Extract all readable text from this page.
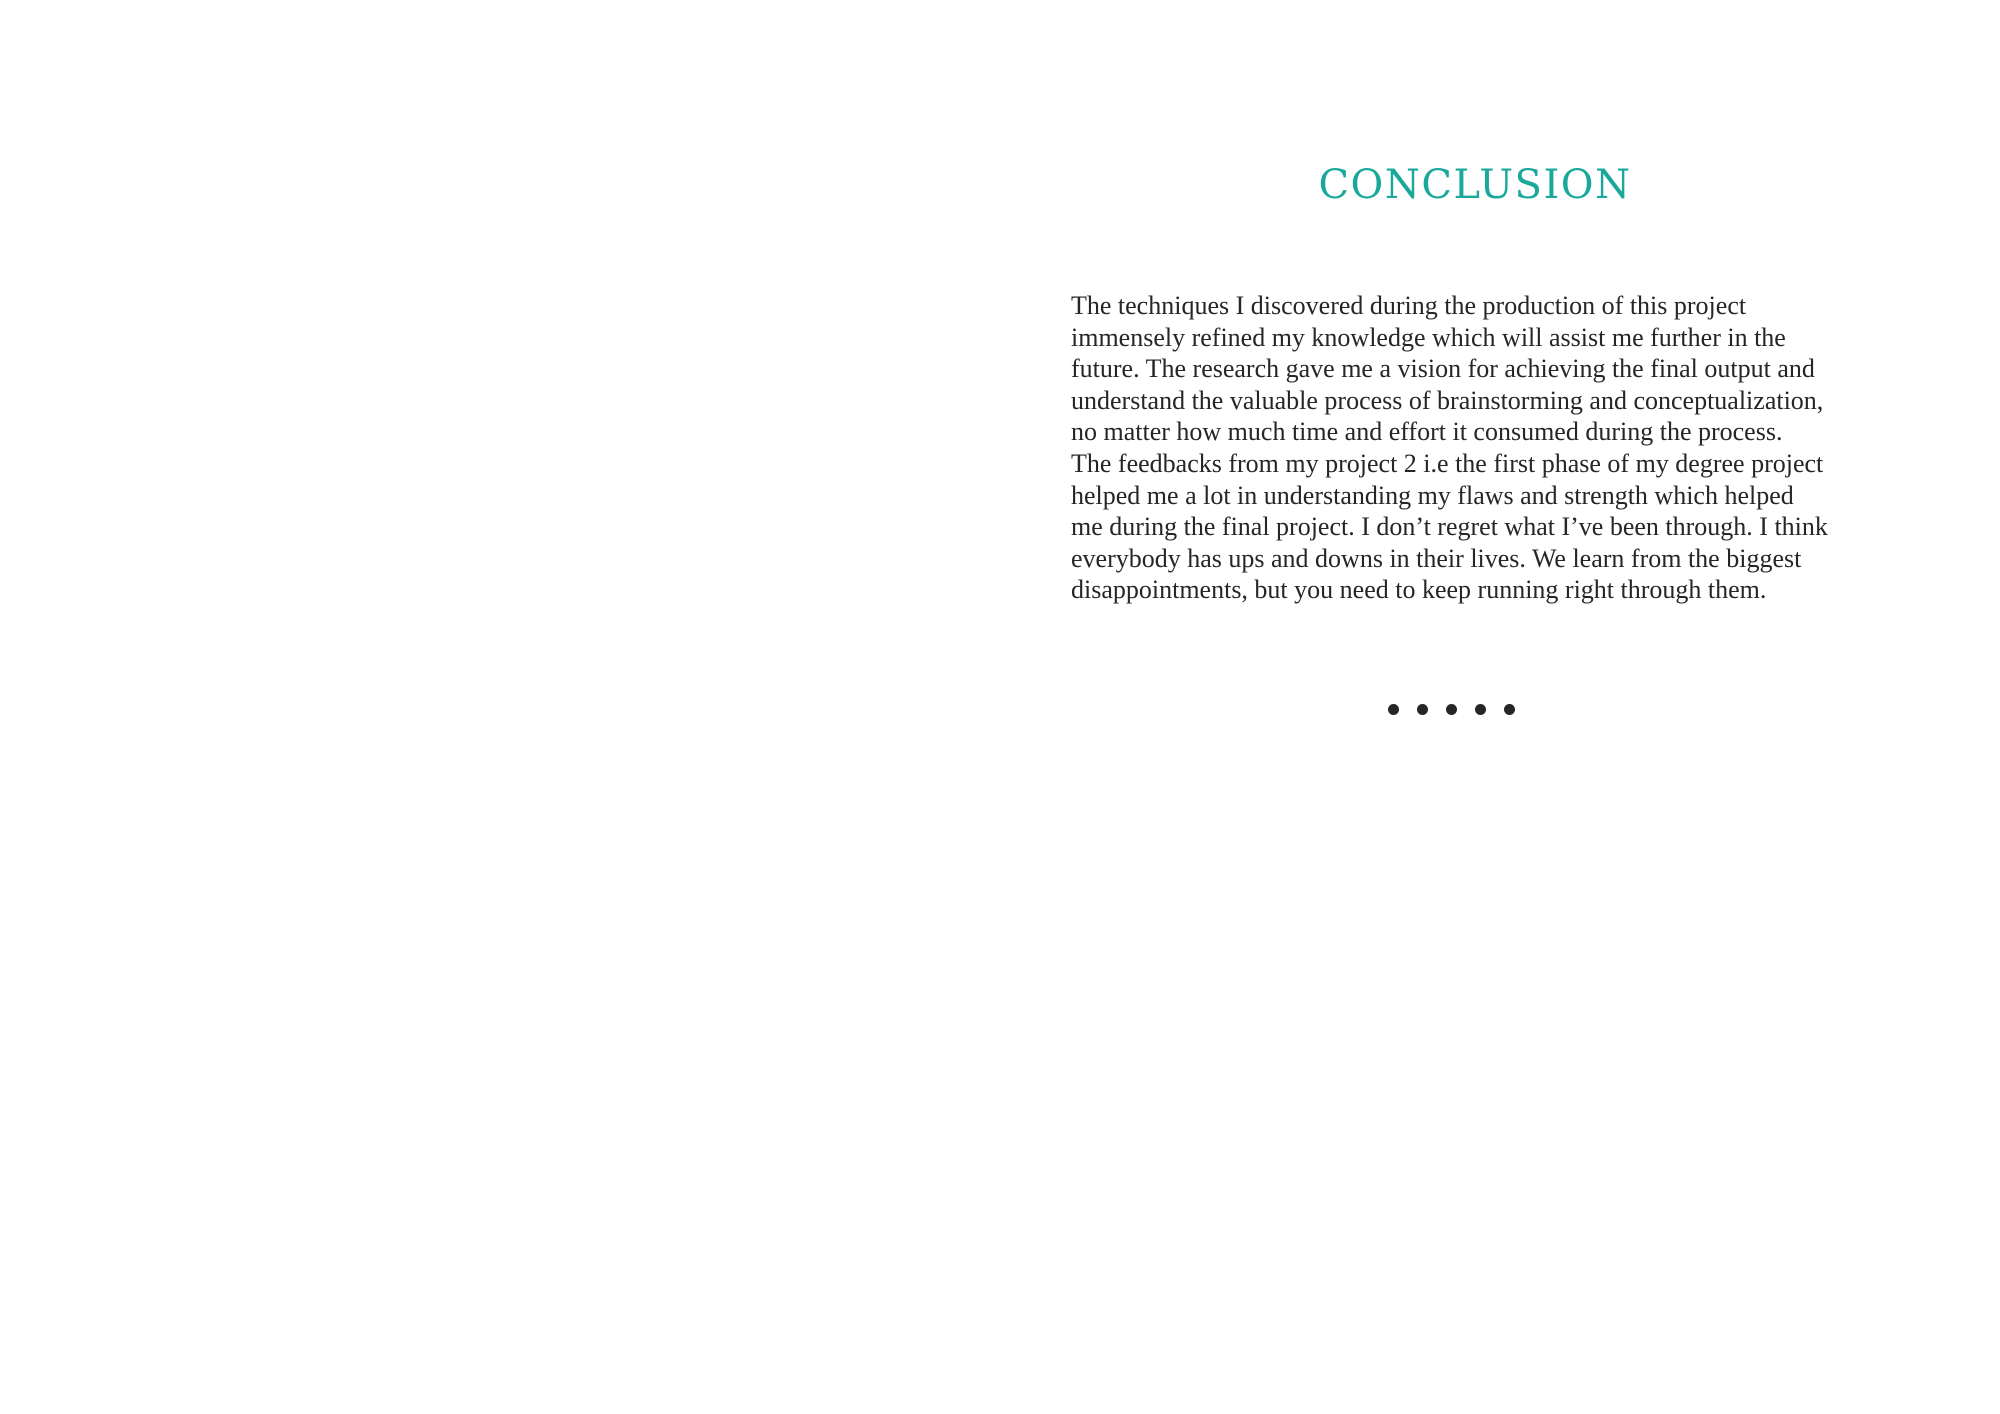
CONCLUSION

The techniques I discovered during the production of this project
immensely refined my knowledge which will assist me further in the
future. The research gave me a vision for achieving the final output and
understand the valuable process of brainstorming and conceptualization,
no matter how much time and effort it consumed during the process.
The feedbacks from my project 2 i.e the first phase of my degree project
helped me a lot in understanding my flaws and strength which helped
me during the final project. I don’t regret what I’ve been through. I think
everybody has ups and downs in their lives. We learn from the biggest
disappointments, but you need to keep running right through them.
